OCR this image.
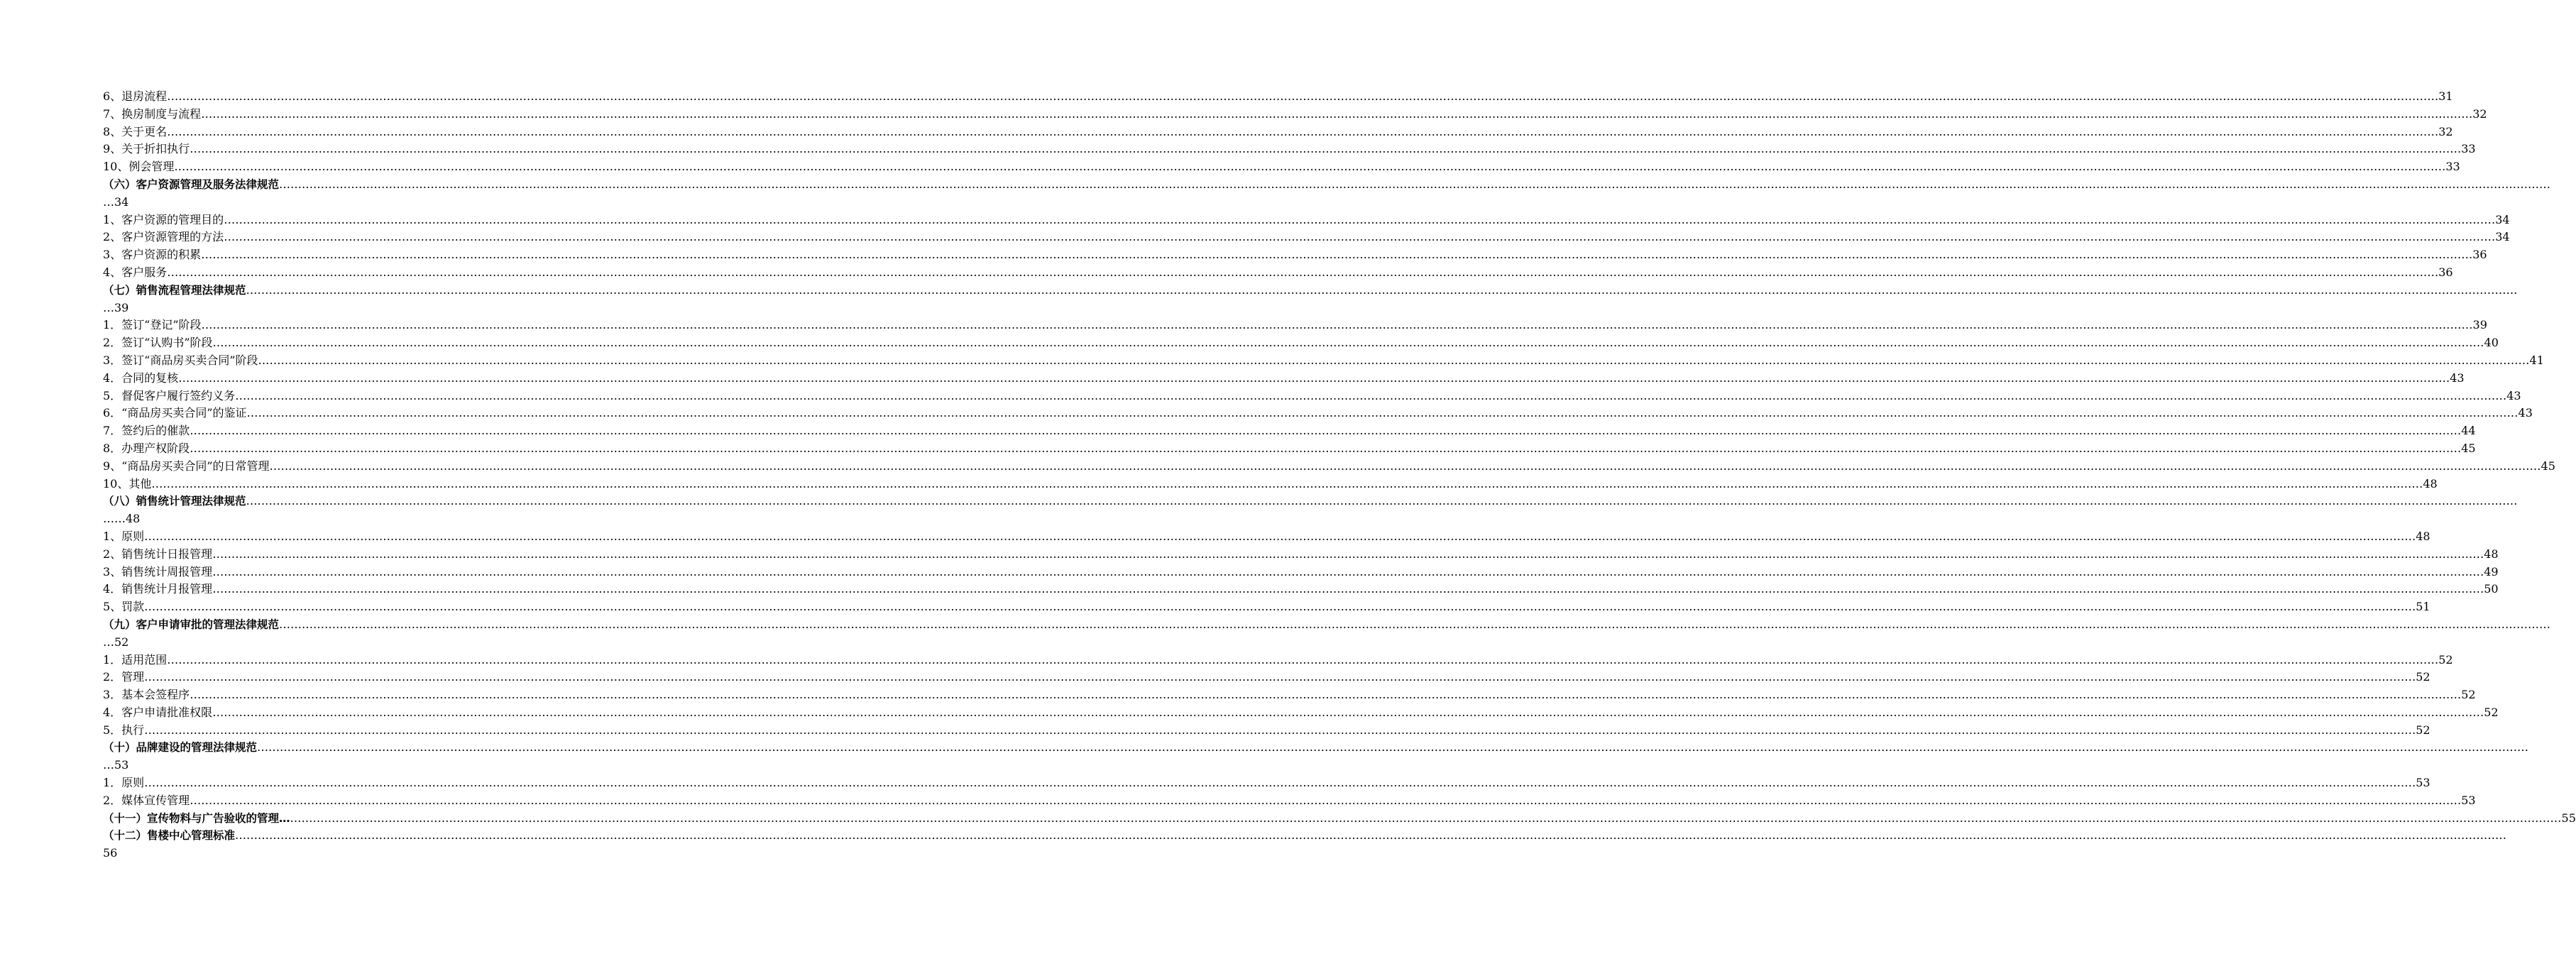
6、退房流程 …………………………………………………………………………………………………………………………………………………………………………………………………………………………………………………………………………………………………………………………………………………………………………………………………………………………………………………………………………………………………………………………………………………… 31
7、换房制度与流程 …………………………………………………………………………………………………………………………………………………………………………………………………………………………………………………………………………………………………………………………………………………………………………………………………………………………………………………………………………………………………………………………………………………… 32
8、关于更名 …………………………………………………………………………………………………………………………………………………………………………………………………………………………………………………………………………………………………………………………………………………………………………………………………………………………………………………………………………………………………………………………………………………… 32
9、关于折扣执行 …………………………………………………………………………………………………………………………………………………………………………………………………………………………………………………………………………………………………………………………………………………………………………………………………………………………………………………………………………………………………………………………………………………… 33
10、例会管理 …………………………………………………………………………………………………………………………………………………………………………………………………………………………………………………………………………………………………………………………………………………………………………………………………………………………………………………………………………………………………………………………………………………… 33
（六）客户资源管理及服务法律规范 ……………………………………………………………………………………………………………………………………………………………………………………………………………………………………………………………………………………………………………………………………………………………………………………………………………………………………………………………………………………………………………………………………………………
…34
1、客户资源的管理目的 …………………………………………………………………………………………………………………………………………………………………………………………………………………………………………………………………………………………………………………………………………………………………………………………………………………………………………………………………………………………………………………………………………………… 34
2、客户资源管理的方法 …………………………………………………………………………………………………………………………………………………………………………………………………………………………………………………………………………………………………………………………………………………………………………………………………………………………………………………………………………………………………………………………………………………… 34
3、客户资源的积累 …………………………………………………………………………………………………………………………………………………………………………………………………………………………………………………………………………………………………………………………………………………………………………………………………………………………………………………………………………………………………………………………………………………… 36
4、客户服务 …………………………………………………………………………………………………………………………………………………………………………………………………………………………………………………………………………………………………………………………………………………………………………………………………………………………………………………………………………………………………………………………………………………… 36
（七）销售流程管理法律规范 ……………………………………………………………………………………………………………………………………………………………………………………………………………………………………………………………………………………………………………………………………………………………………………………………………………………………………………………………………………………………………………………………………………………
…39
1．签订“登记”阶段 …………………………………………………………………………………………………………………………………………………………………………………………………………………………………………………………………………………………………………………………………………………………………………………………………………………………………………………………………………………………………………………………………………………… 39
2．签订“认购书”阶段 …………………………………………………………………………………………………………………………………………………………………………………………………………………………………………………………………………………………………………………………………………………………………………………………………………………………………………………………………………………………………………………………………………………… 40
3．签订“商品房买卖合同”阶段 …………………………………………………………………………………………………………………………………………………………………………………………………………………………………………………………………………………………………………………………………………………………………………………………………………………………………………………………………………………………………………………………………………………… 41
4．合同的复核 …………………………………………………………………………………………………………………………………………………………………………………………………………………………………………………………………………………………………………………………………………………………………………………………………………………………………………………………………………………………………………………………………………………… 43
5．督促客户履行签约义务 …………………………………………………………………………………………………………………………………………………………………………………………………………………………………………………………………………………………………………………………………………………………………………………………………………………………………………………………………………………………………………………………………………………… 43
6．“商品房买卖合同”的鉴证 …………………………………………………………………………………………………………………………………………………………………………………………………………………………………………………………………………………………………………………………………………………………………………………………………………………………………………………………………………………………………………………………………………………… 43
7．签约后的催款 …………………………………………………………………………………………………………………………………………………………………………………………………………………………………………………………………………………………………………………………………………………………………………………………………………………………………………………………………………………………………………………………………………………… 44
8．办理产权阶段 …………………………………………………………………………………………………………………………………………………………………………………………………………………………………………………………………………………………………………………………………………………………………………………………………………………………………………………………………………………………………………………………………………………… 45
9、“商品房买卖合同”的日常管理 …………………………………………………………………………………………………………………………………………………………………………………………………………………………………………………………………………………………………………………………………………………………………………………………………………………………………………………………………………………………………………………………………………………… 45
10、其他 …………………………………………………………………………………………………………………………………………………………………………………………………………………………………………………………………………………………………………………………………………………………………………………………………………………………………………………………………………………………………………………………………………………… 48
（八）销售统计管理法律规范 ……………………………………………………………………………………………………………………………………………………………………………………………………………………………………………………………………………………………………………………………………………………………………………………………………………………………………………………………………………………………………………………………………………………
……48
1、原则 …………………………………………………………………………………………………………………………………………………………………………………………………………………………………………………………………………………………………………………………………………………………………………………………………………………………………………………………………………………………………………………………………………………… 48
2、销售统计日报管理 …………………………………………………………………………………………………………………………………………………………………………………………………………………………………………………………………………………………………………………………………………………………………………………………………………………………………………………………………………………………………………………………………………………… 48
3、销售统计周报管理 …………………………………………………………………………………………………………………………………………………………………………………………………………………………………………………………………………………………………………………………………………………………………………………………………………………………………………………………………………………………………………………………………………………… 49
4．销售统计月报管理 …………………………………………………………………………………………………………………………………………………………………………………………………………………………………………………………………………………………………………………………………………………………………………………………………………………………………………………………………………………………………………………………………………………… 50
5、罚款 …………………………………………………………………………………………………………………………………………………………………………………………………………………………………………………………………………………………………………………………………………………………………………………………………………………………………………………………………………………………………………………………………………………… 51
（九）客户申请审批的管理法律规范 ……………………………………………………………………………………………………………………………………………………………………………………………………………………………………………………………………………………………………………………………………………………………………………………………………………………………………………………………………………………………………………………………………………………
…52
1．适用范围 …………………………………………………………………………………………………………………………………………………………………………………………………………………………………………………………………………………………………………………………………………………………………………………………………………………………………………………………………………………………………………………………………………………… 52
2．管理 …………………………………………………………………………………………………………………………………………………………………………………………………………………………………………………………………………………………………………………………………………………………………………………………………………………………………………………………………………………………………………………………………………………… 52
3．基本会签程序 …………………………………………………………………………………………………………………………………………………………………………………………………………………………………………………………………………………………………………………………………………………………………………………………………………………………………………………………………………………………………………………………………………………… 52
4．客户申请批准权限 …………………………………………………………………………………………………………………………………………………………………………………………………………………………………………………………………………………………………………………………………………………………………………………………………………………………………………………………………………………………………………………………………………………… 52
5．执行 …………………………………………………………………………………………………………………………………………………………………………………………………………………………………………………………………………………………………………………………………………………………………………………………………………………………………………………………………………………………………………………………………………………… 52
（十）品牌建设的管理法律规范 ……………………………………………………………………………………………………………………………………………………………………………………………………………………………………………………………………………………………………………………………………………………………………………………………………………………………………………………………………………………………………………………………………………………
…53
1．原则 …………………………………………………………………………………………………………………………………………………………………………………………………………………………………………………………………………………………………………………………………………………………………………………………………………………………………………………………………………………………………………………………………………………… 53
2．媒体宣传管理 …………………………………………………………………………………………………………………………………………………………………………………………………………………………………………………………………………………………………………………………………………………………………………………………………………………………………………………………………………………………………………………………………………………… 53
（十一）宣传物料与广告验收的管理… …………………………………………………………………………………………………………………………………………………………………………………………………………………………………………………………………………………………………………………………………………………………………………………………………………………………………………………………………………………………………………………………………………………… 55
（十二）售楼中心管理标准 ……………………………………………………………………………………………………………………………………………………………………………………………………………………………………………………………………………………………………………………………………………………………………………………………………………………………………………………………………………………………………………………………………………………
56
